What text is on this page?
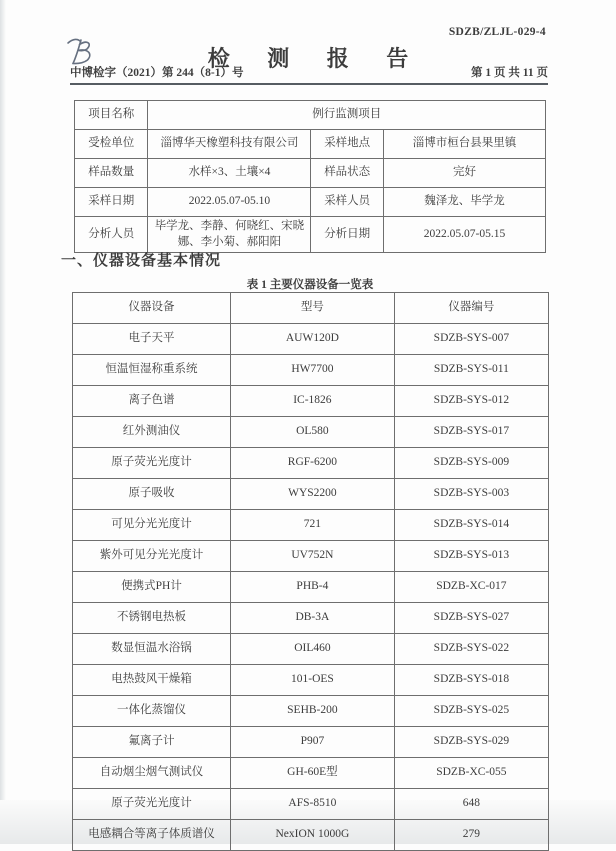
SDZB/ZLJL-029-4
检 测 报 告
中博检字（2021）第 244（8-1）号	第 1 页 共 11 页
项目名称	例行监测项目		
受检单位	淄博华天橡塑科技有限公司	采样地点	淄博市桓台县果里镇
样品数量	水样×3、土壤×4	样品状态	完好
采样日期	2022.05.07-05.10	采样人员	魏泽龙、毕学龙
分析人员	毕学龙、李静、何晓红、宋晓娜、李小菊、郝阳阳	分析日期	2022.05.07-05.15
一、仪器设备基本情况
表 1 主要仪器设备一览表
仪器设备	型号	仪器编号
电子天平	AUW120D	SDZB-SYS-007
恒温恒湿称重系统	HW7700	SDZB-SYS-011
离子色谱	IC-1826	SDZB-SYS-012
红外测油仪	OL580	SDZB-SYS-017
原子荧光光度计	RGF-6200	SDZB-SYS-009
原子吸收	WYS2200	SDZB-SYS-003
可见分光光度计	721	SDZB-SYS-014
紫外可见分光光度计	UV752N	SDZB-SYS-013
便携式PH计	PHB-4	SDZB-XC-017
不锈钢电热板	DB-3A	SDZB-SYS-027
数显恒温水浴锅	OIL460	SDZB-SYS-022
电热鼓风干燥箱	101-OES	SDZB-SYS-018
一体化蒸馏仪	SEHB-200	SDZB-SYS-025
氟离子计	P907	SDZB-SYS-029
自动烟尘烟气测试仪	GH-60E型	SDZB-XC-055
原子荧光光度计	AFS-8510	648
电感耦合等离子体质谱仪	NexION 1000G	279
